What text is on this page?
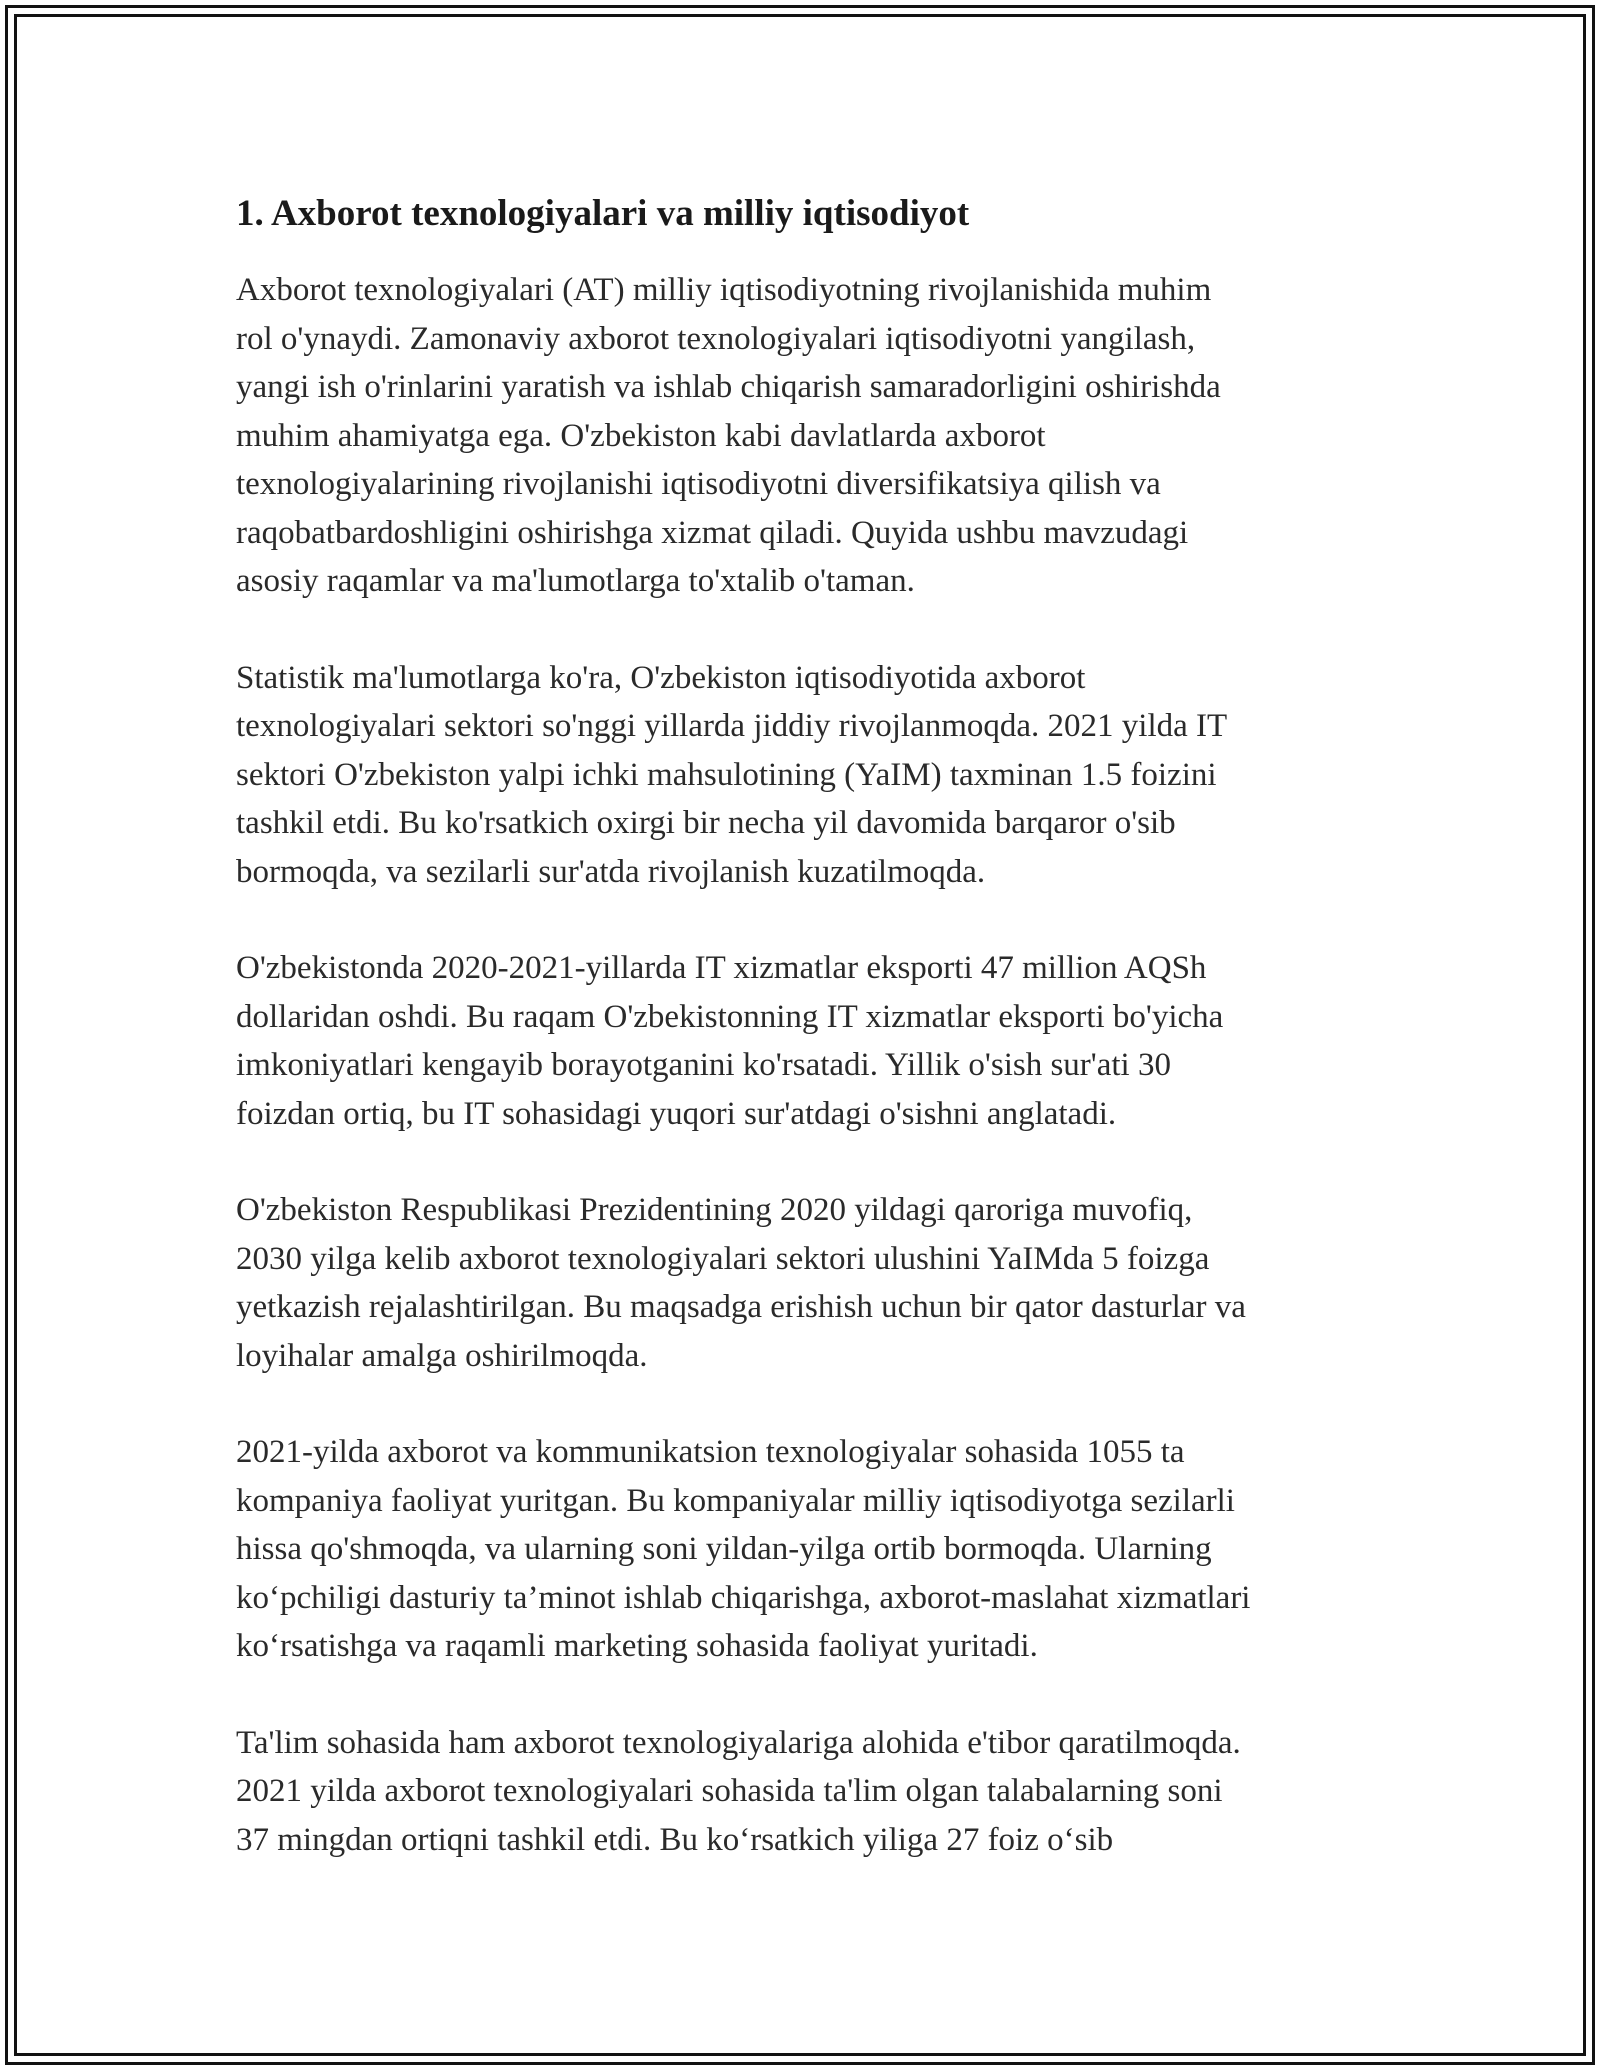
1. Axborot texnologiyalari va milliy iqtisodiyot

Axborot texnologiyalari (AT) milliy iqtisodiyotning rivojlanishida muhim
rol o'ynaydi. Zamonaviy axborot texnologiyalari iqtisodiyotni yangilash,
yangi ish o'rinlarini yaratish va ishlab chiqarish samaradorligini oshirishda
muhim ahamiyatga ega. O'zbekiston kabi davlatlarda axborot
texnologiyalarining rivojlanishi iqtisodiyotni diversifikatsiya qilish va
raqobatbardoshligini oshirishga xizmat qiladi. Quyida ushbu mavzudagi
asosiy raqamlar va ma'lumotlarga to'xtalib o'taman.

Statistik ma'lumotlarga ko'ra, O'zbekiston iqtisodiyotida axborot
texnologiyalari sektori so'nggi yillarda jiddiy rivojlanmoqda. 2021 yilda IT
sektori O'zbekiston yalpi ichki mahsulotining (YaIM) taxminan 1.5 foizini
tashkil etdi. Bu ko'rsatkich oxirgi bir necha yil davomida barqaror o'sib
bormoqda, va sezilarli sur'atda rivojlanish kuzatilmoqda.

O'zbekistonda 2020-2021-yillarda IT xizmatlar eksporti 47 million AQSh
dollaridan oshdi. Bu raqam O'zbekistonning IT xizmatlar eksporti bo'yicha
imkoniyatlari kengayib borayotganini ko'rsatadi. Yillik o'sish sur'ati 30
foizdan ortiq, bu IT sohasidagi yuqori sur'atdagi o'sishni anglatadi.

O'zbekiston Respublikasi Prezidentining 2020 yildagi qaroriga muvofiq,
2030 yilga kelib axborot texnologiyalari sektori ulushini YaIMda 5 foizga
yetkazish rejalashtirilgan. Bu maqsadga erishish uchun bir qator dasturlar va
loyihalar amalga oshirilmoqda.

2021-yilda axborot va kommunikatsion texnologiyalar sohasida 1055 ta
kompaniya faoliyat yuritgan. Bu kompaniyalar milliy iqtisodiyotga sezilarli
hissa qo'shmoqda, va ularning soni yildan-yilga ortib bormoqda. Ularning
ko‘pchiligi dasturiy ta’minot ishlab chiqarishga, axborot-maslahat xizmatlari
ko‘rsatishga va raqamli marketing sohasida faoliyat yuritadi.

Ta'lim sohasida ham axborot texnologiyalariga alohida e'tibor qaratilmoqda.
2021 yilda axborot texnologiyalari sohasida ta'lim olgan talabalarning soni
37 mingdan ortiqni tashkil etdi. Bu ko‘rsatkich yiliga 27 foiz o‘sib
